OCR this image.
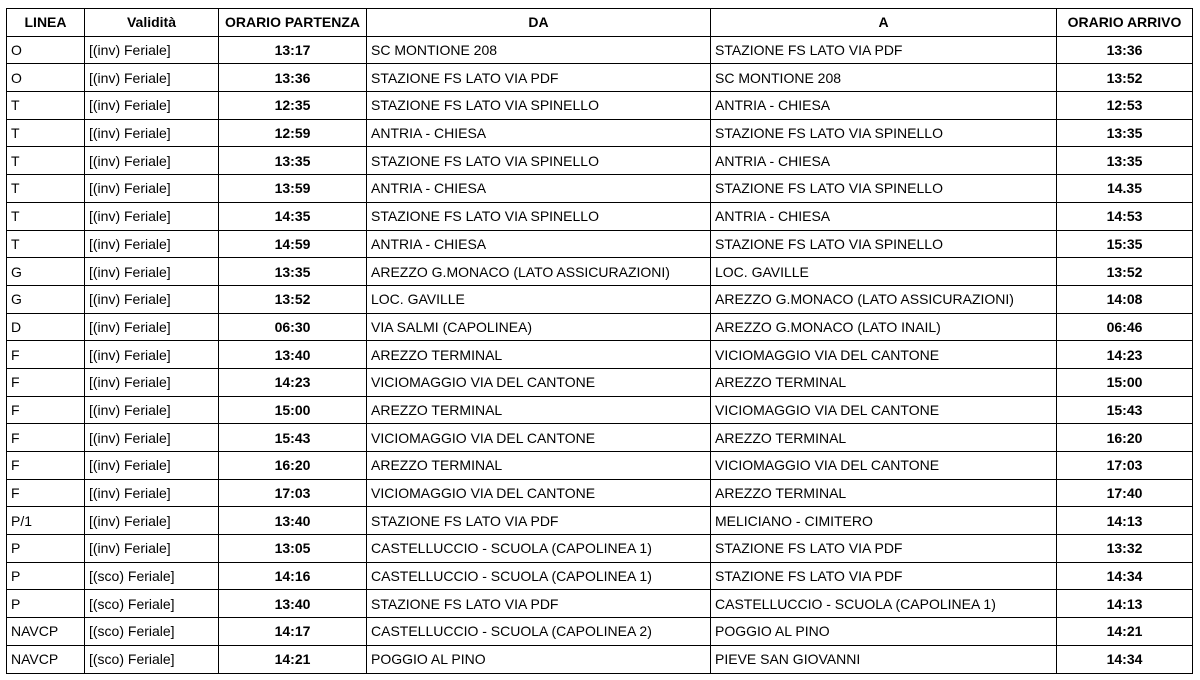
LINEA	Validità	ORARIO PARTENZA	DA	A	ORARIO ARRIVO
O	[(inv) Feriale]	13:17	SC MONTIONE 208	STAZIONE FS LATO VIA PDF	13:36
O	[(inv) Feriale]	13:36	STAZIONE FS LATO VIA PDF	SC MONTIONE 208	13:52
T	[(inv) Feriale]	12:35	STAZIONE FS LATO VIA SPINELLO	ANTRIA - CHIESA	12:53
T	[(inv) Feriale]	12:59	ANTRIA - CHIESA	STAZIONE FS LATO VIA SPINELLO	13:35
T	[(inv) Feriale]	13:35	STAZIONE FS LATO VIA SPINELLO	ANTRIA - CHIESA	13:35
T	[(inv) Feriale]	13:59	ANTRIA - CHIESA	STAZIONE FS LATO VIA SPINELLO	14.35
T	[(inv) Feriale]	14:35	STAZIONE FS LATO VIA SPINELLO	ANTRIA - CHIESA	14:53
T	[(inv) Feriale]	14:59	ANTRIA - CHIESA	STAZIONE FS LATO VIA SPINELLO	15:35
G	[(inv) Feriale]	13:35	AREZZO G.MONACO (LATO ASSICURAZIONI)	LOC. GAVILLE	13:52
G	[(inv) Feriale]	13:52	LOC. GAVILLE	AREZZO G.MONACO (LATO ASSICURAZIONI)	14:08
D	[(inv) Feriale]	06:30	VIA SALMI (CAPOLINEA)	AREZZO G.MONACO (LATO INAIL)	06:46
F	[(inv) Feriale]	13:40	AREZZO TERMINAL	VICIOMAGGIO VIA DEL CANTONE	14:23
F	[(inv) Feriale]	14:23	VICIOMAGGIO VIA DEL CANTONE	AREZZO TERMINAL	15:00
F	[(inv) Feriale]	15:00	AREZZO TERMINAL	VICIOMAGGIO VIA DEL CANTONE	15:43
F	[(inv) Feriale]	15:43	VICIOMAGGIO VIA DEL CANTONE	AREZZO TERMINAL	16:20
F	[(inv) Feriale]	16:20	AREZZO TERMINAL	VICIOMAGGIO VIA DEL CANTONE	17:03
F	[(inv) Feriale]	17:03	VICIOMAGGIO VIA DEL CANTONE	AREZZO TERMINAL	17:40
P/1	[(inv) Feriale]	13:40	STAZIONE FS LATO VIA PDF	MELICIANO - CIMITERO	14:13
P	[(inv) Feriale]	13:05	CASTELLUCCIO - SCUOLA (CAPOLINEA 1)	STAZIONE FS LATO VIA PDF	13:32
P	[(sco) Feriale]	14:16	CASTELLUCCIO - SCUOLA (CAPOLINEA 1)	STAZIONE FS LATO VIA PDF	14:34
P	[(sco) Feriale]	13:40	STAZIONE FS LATO VIA PDF	CASTELLUCCIO - SCUOLA (CAPOLINEA 1)	14:13
NAVCP	[(sco) Feriale]	14:17	CASTELLUCCIO - SCUOLA (CAPOLINEA 2)	POGGIO AL PINO	14:21
NAVCP	[(sco) Feriale]	14:21	POGGIO AL PINO	PIEVE SAN GIOVANNI	14:34
